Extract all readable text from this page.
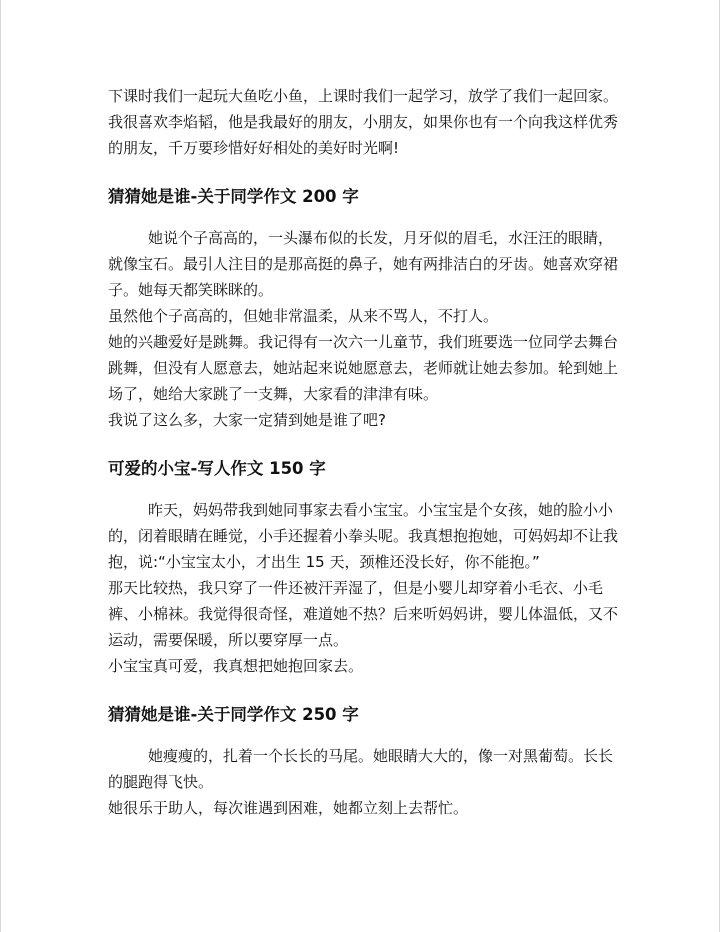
下课时我们一起玩大鱼吃小鱼，上课时我们一起学习，放学了我们一起回家。

我很喜欢李焰韬，他是我最好的朋友，小朋友，如果你也有一个向我这样优秀的朋友，千万要珍惜好好相处的美好时光啊!

猜猜她是谁-关于同学作文 200 字

她说个子高高的，一头瀑布似的长发，月牙似的眉毛，水汪汪的眼睛，就像宝石。最引人注目的是那高挺的鼻子，她有两排洁白的牙齿。她喜欢穿裙子。她每天都笑眯眯的。

虽然他个子高高的，但她非常温柔，从来不骂人，不打人。

她的兴趣爱好是跳舞。我记得有一次六一儿童节，我们班要选一位同学去舞台跳舞，但没有人愿意去，她站起来说她愿意去，老师就让她去参加。轮到她上场了，她给大家跳了一支舞，大家看的津津有味。

我说了这么多，大家一定猜到她是谁了吧?

可爱的小宝-写人作文 150 字

昨天，妈妈带我到她同事家去看小宝宝。小宝宝是个女孩，她的脸小小的，闭着眼睛在睡觉，小手还握着小拳头呢。我真想抱抱她，可妈妈却不让我抱，说:“小宝宝太小，才出生 15 天，颈椎还没长好，你不能抱。”

那天比较热，我只穿了一件还被汗弄湿了，但是小婴儿却穿着小毛衣、小毛裤、小棉袜。我觉得很奇怪，难道她不热？后来听妈妈讲，婴儿体温低，又不运动，需要保暖，所以要穿厚一点。

小宝宝真可爱，我真想把她抱回家去。

猜猜她是谁-关于同学作文 250 字

她瘦瘦的，扎着一个长长的马尾。她眼睛大大的，像一对黑葡萄。长长的腿跑得飞快。

她很乐于助人，每次谁遇到困难，她都立刻上去帮忙。
